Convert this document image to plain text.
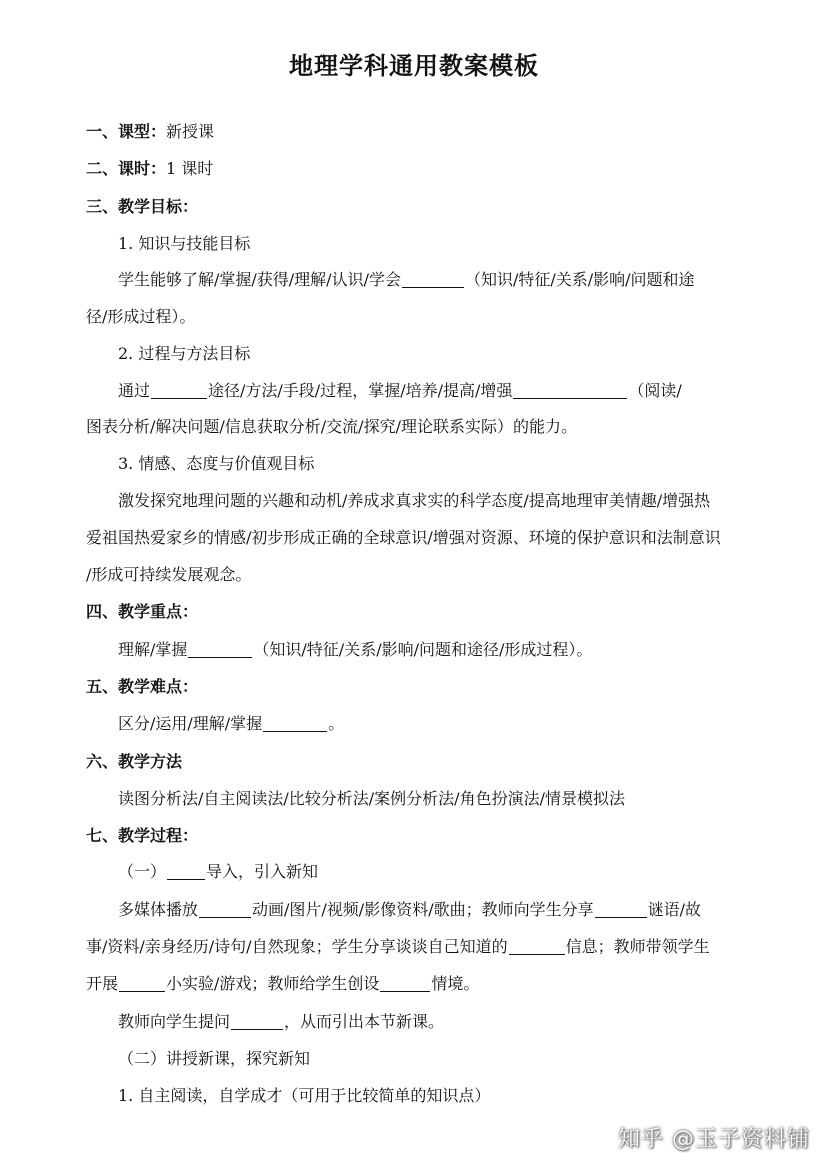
地理学科通用教案模板
一、课型：新授课
二、课时：1 课时
三、教学目标：
1. 知识与技能目标
学生能够了解/掌握/获得/理解/认识/学会	（知识/特征/关系/影响/问题和途
径/形成过程）。
2. 过程与方法目标
通过	途径/方法/手段/过程，掌握/培养/提高/增强	（阅读/
图表分析/解决问题/信息获取分析/交流/探究/理论联系实际）的能力。
3. 情感、态度与价值观目标
激发探究地理问题的兴趣和动机/养成求真求实的科学态度/提高地理审美情趣/增强热
爱祖国热爱家乡的情感/初步形成正确的全球意识/增强对资源、环境的保护意识和法制意识
/形成可持续发展观念。
四、教学重点：
理解/掌握	（知识/特征/关系/影响/问题和途径/形成过程）。
五、教学难点：
区分/运用/理解/掌握	。
六、教学方法
读图分析法/自主阅读法/比较分析法/案例分析法/角色扮演法/情景模拟法
七、教学过程：
（一）	导入，引入新知
多媒体播放	动画/图片/视频/影像资料/歌曲；教师向学生分享	谜语/故
事/资料/亲身经历/诗句/自然现象；学生分享谈谈自己知道的	信息；教师带领学生
开展	小实验/游戏；教师给学生创设	情境。
教师向学生提问	，从而引出本节新课。
（二）讲授新课，探究新知
1. 自主阅读，自学成才（可用于比较简单的知识点）
知乎 @玉子资料铺
